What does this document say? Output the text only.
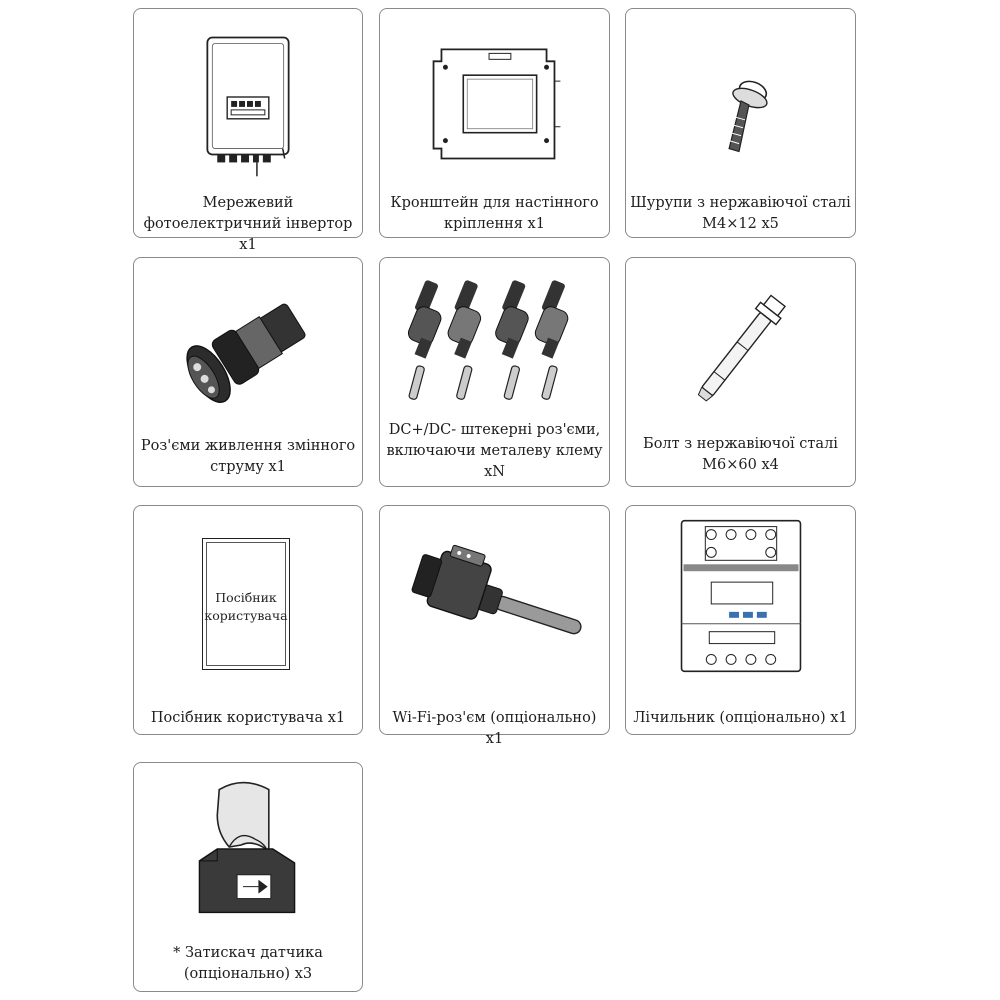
Мережевий
фотоелектричний інвертор x1
Кронштейн для настінного
кріплення x1
Шурупи з нержавіючої сталі
M4×12 x5
Роз'єми живлення змінного
струму x1
DC+/DC- штекерні роз'єми,
включаючи металеву клему
xN
Болт з нержавіючої сталі
M6×60 x4
Посібник
користувача
Посібник користувача x1	Wi-Fi-роз'єм (опціонально) x1
Лічильник (опціонально) x1
* Затискач датчика
(опціонально) x3
